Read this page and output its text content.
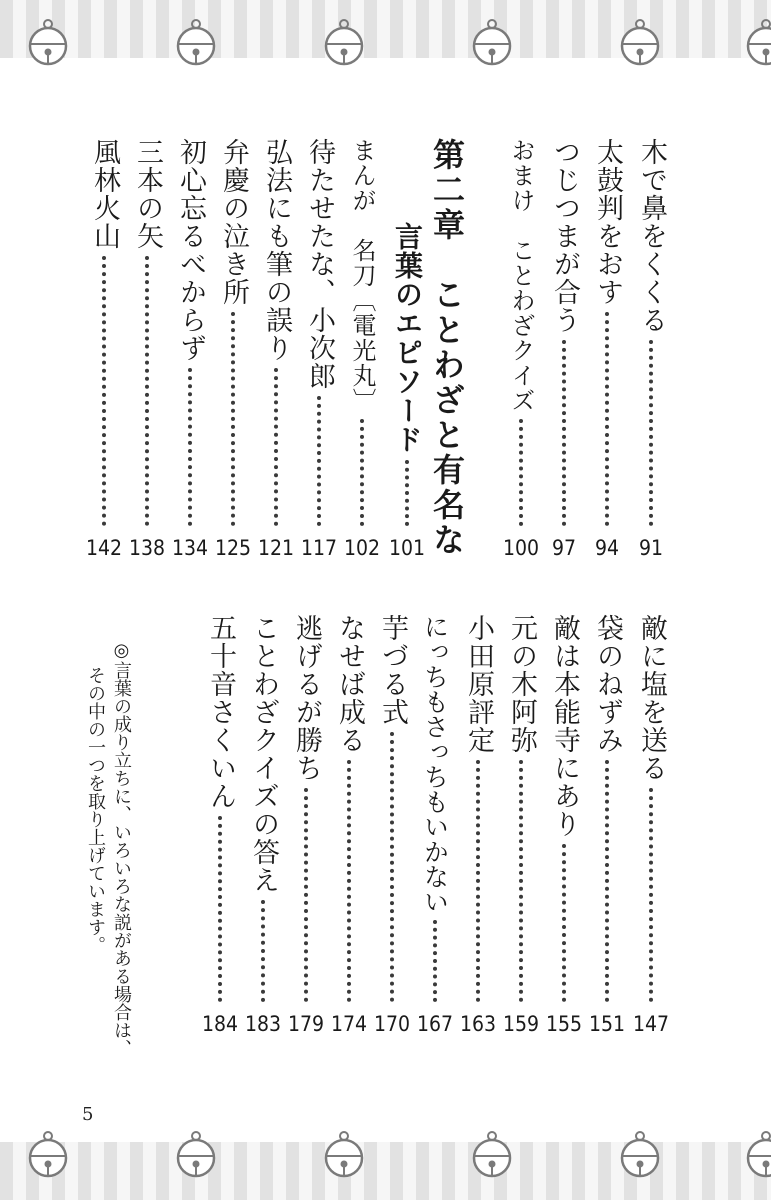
木で鼻をくくる
91
太鼓判をおす
94
つじつまが合う
97
おまけ　ことわざクイズ
100
第二章　ことわざと有名な
言葉のエピソード
101
まんが　名刀〔電光丸〕
102
待たせたな、小次郎
117
弘法にも筆の誤り
121
弁慶の泣き所
125
初心忘るべからず
134
三本の矢
138
風林火山
142
敵に塩を送る
147
袋のねずみ
151
敵は本能寺にあり
155
元の木阿弥
159
小田原評定
163
にっちもさっちもいかない
167
芋づる式
170
なせば成る
174
逃げるが勝ち
179
ことわざクイズの答え
183
五十音さくいん
184
◎言葉の成り立ちに、いろいろな説がある場合は、
その中の一つを取り上げています。
5
